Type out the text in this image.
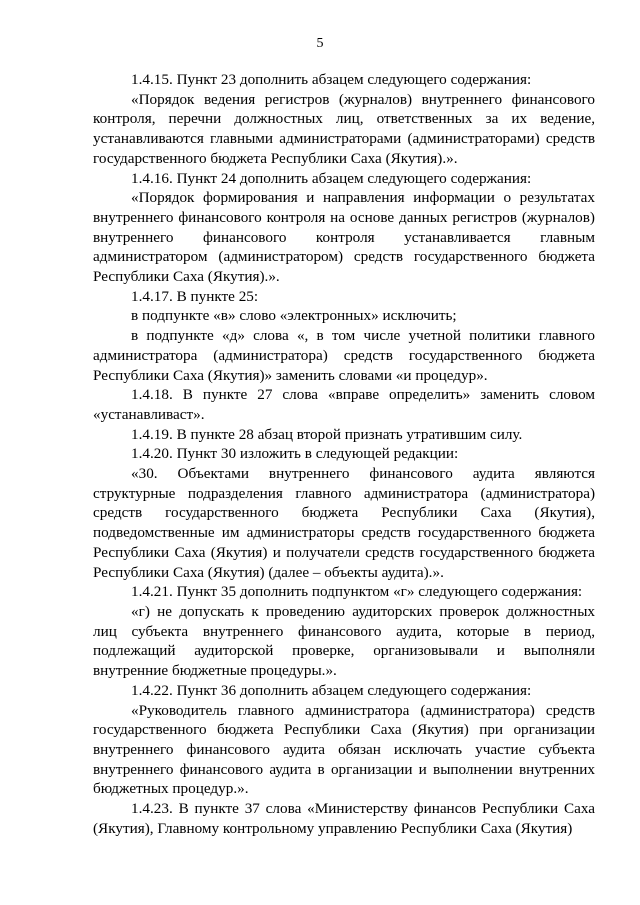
5

1.4.15. Пункт 23 дополнить абзацем следующего содержания:

«Порядок ведения регистров (журналов) внутреннего финансового контроля, перечни должностных лиц, ответственных за их ведение, устанавливаются главными администраторами (администраторами) средств государственного бюджета Республики Саха (Якутия).».

1.4.16. Пункт 24 дополнить абзацем следующего содержания:

«Порядок формирования и направления информации о результатах внутреннего финансового контроля на основе данных регистров (журналов) внутреннего финансового контроля устанавливается главным администратором (администратором) средств государственного бюджета Республики Саха (Якутия).».

1.4.17. В пункте 25:

в подпункте «в» слово «электронных» исключить;

в подпункте «д» слова «, в том числе учетной политики главного администратора (администратора) средств государственного бюджета Республики Саха (Якутия)» заменить словами «и процедур».

1.4.18. В пункте 27 слова «вправе определить» заменить словом «устанавливаст».

1.4.19. В пункте 28 абзац второй признать утратившим силу.

1.4.20. Пункт 30 изложить в следующей редакции:

«30. Объектами внутреннего финансового аудита являются структурные подразделения главного администратора (администратора) средств государственного бюджета Республики Саха (Якутия), подведомственные им администраторы средств государственного бюджета Республики Саха (Якутия) и получатели средств государственного бюджета Республики Саха (Якутия) (далее – объекты аудита).».

1.4.21. Пункт 35 дополнить подпунктом «г» следующего содержания:

«г) не допускать к проведению аудиторских проверок должностных лиц субъекта внутреннего финансового аудита, которые в период, подлежащий аудиторской проверке, организовывали и выполняли внутренние бюджетные процедуры.».

1.4.22. Пункт 36 дополнить абзацем следующего содержания:

«Руководитель главного администратора (администратора) средств государственного бюджета Республики Саха (Якутия) при организации внутреннего финансового аудита обязан исключать участие субъекта внутреннего финансового аудита в организации и выполнении внутренних бюджетных процедур.».

1.4.23. В пункте 37 слова «Министерству финансов Республики Саха (Якутия), Главному контрольному управлению Республики Саха (Якутия)
